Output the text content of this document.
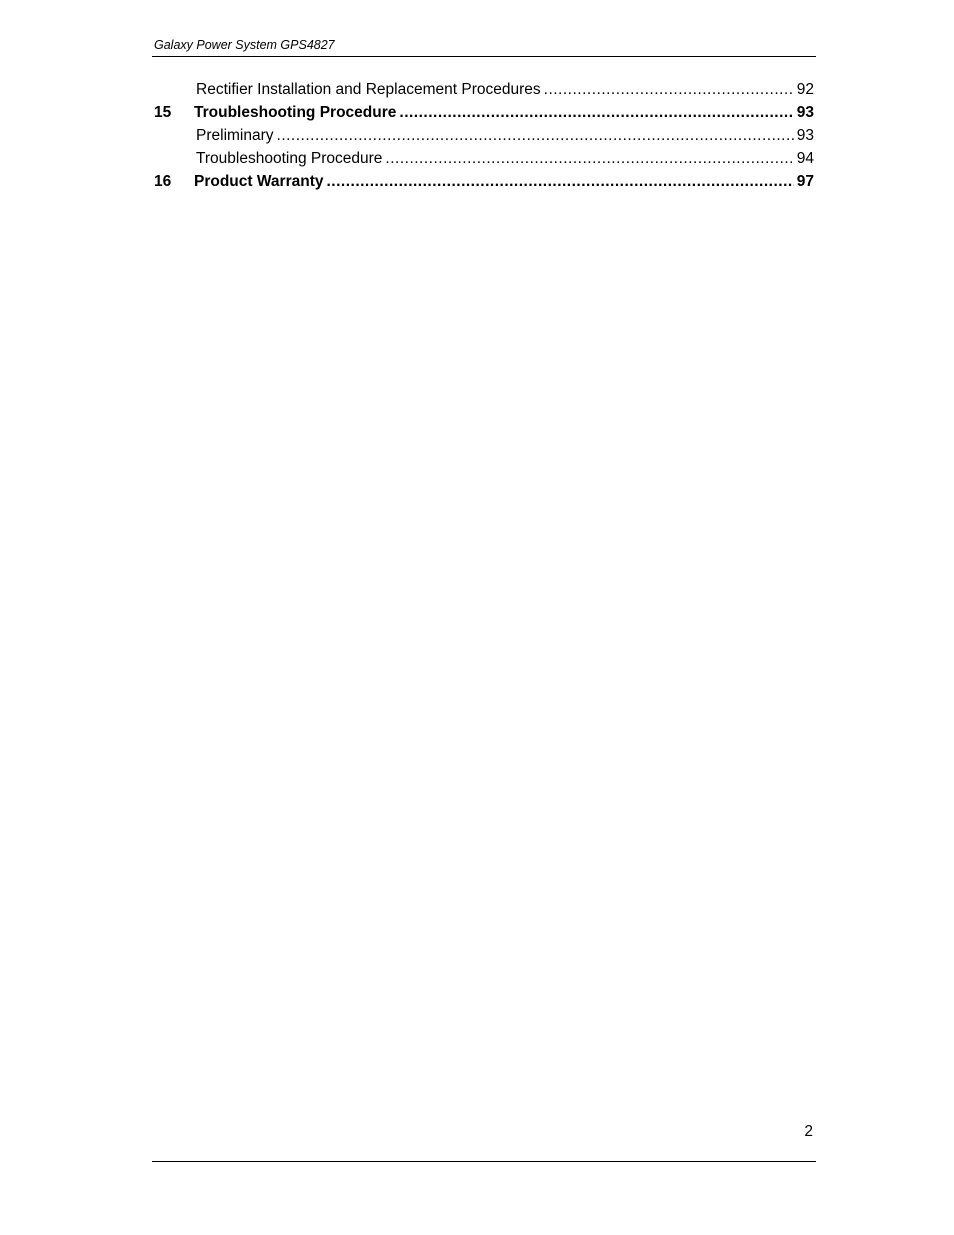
Galaxy Power System GPS4827
Rectifier Installation and Replacement Procedures .....	92
15	Troubleshooting Procedure .....	93
Preliminary .....	93
Troubleshooting Procedure .....	94
16	Product Warranty .....	97
2
